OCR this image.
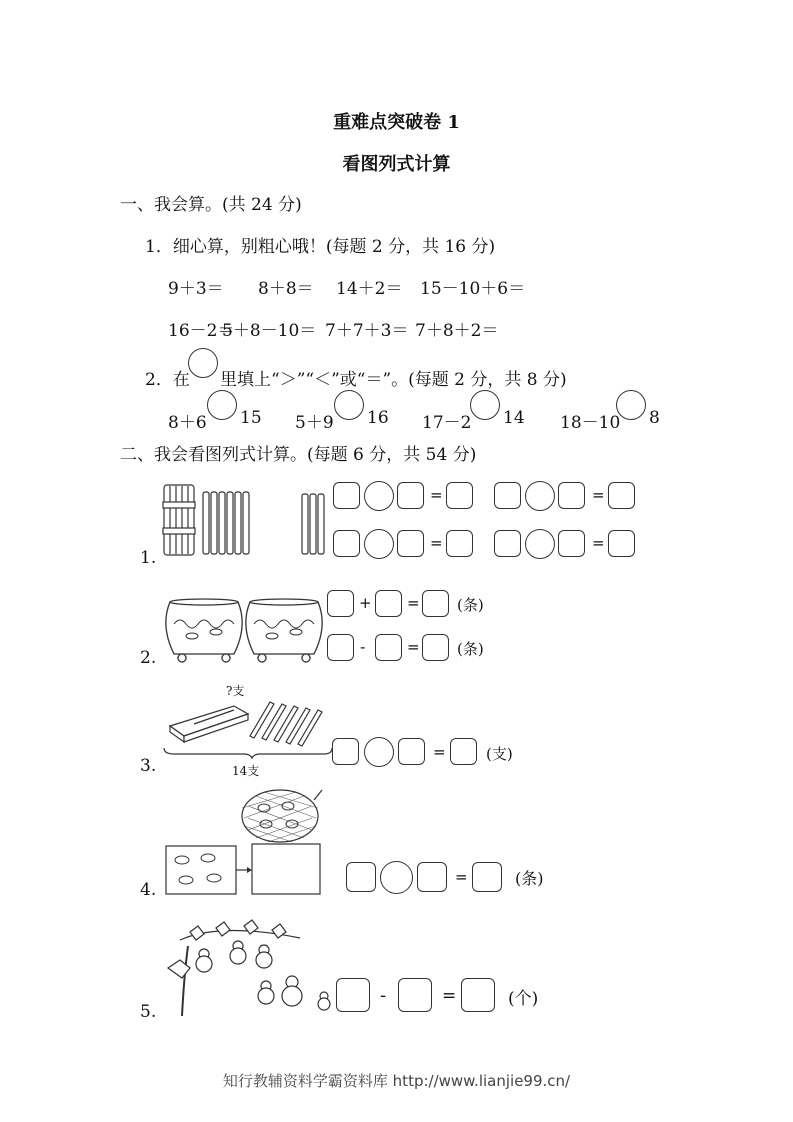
重难点突破卷 1
看图列式计算
一、我会算。(共 24 分)
1．细心算，别粗心哦！(每题 2 分，共 16 分)
9＋3＝ 8＋8＝ 14＋2＝ 15－10＋6＝
16－2＝
5＋8－10＝ 7＋7＋3＝ 7＋8＋2＝
2．在 里填上“＞”“＜”或“＝”。(每题 2 分，共 8 分)
8＋6 15 5＋9 16 17－2 14 18－10 8
二、我会看图列式计算。(每题 6 分，共 54 分)
1.
=	=
=	=
2.
+ = (条)
-	= (条)
3.
?支
14支
=	(支)
4.
=	(条)
5.
-	=	(个)
知行教辅资料学霸资料库 http://www.lianjie99.cn/
